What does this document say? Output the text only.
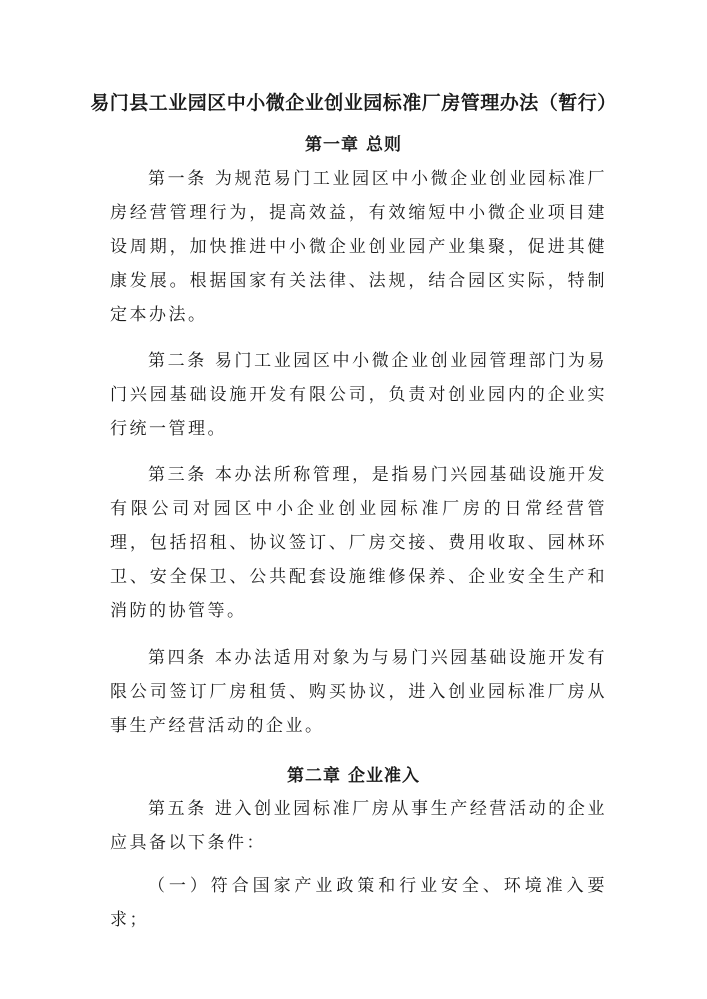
易门县工业园区中小微企业创业园标准厂房管理办法（暂行）
第一章 总则

第一条 为规范易门工业园区中小微企业创业园标准厂房经营管理行为，提高效益，有效缩短中小微企业项目建设周期，加快推进中小微企业创业园产业集聚，促进其健康发展。根据国家有关法律、法规，结合园区实际，特制定本办法。

第二条 易门工业园区中小微企业创业园管理部门为易门兴园基础设施开发有限公司，负责对创业园内的企业实行统一管理。

第三条 本办法所称管理，是指易门兴园基础设施开发有限公司对园区中小企业创业园标准厂房的日常经营管理，包括招租、协议签订、厂房交接、费用收取、园林环卫、安全保卫、公共配套设施维修保养、企业安全生产和消防的协管等。

第四条 本办法适用对象为与易门兴园基础设施开发有限公司签订厂房租赁、购买协议，进入创业园标准厂房从事生产经营活动的企业。

第二章 企业准入

第五条 进入创业园标准厂房从事生产经营活动的企业应具备以下条件：

（一）符合国家产业政策和行业安全、环境准入要求；
